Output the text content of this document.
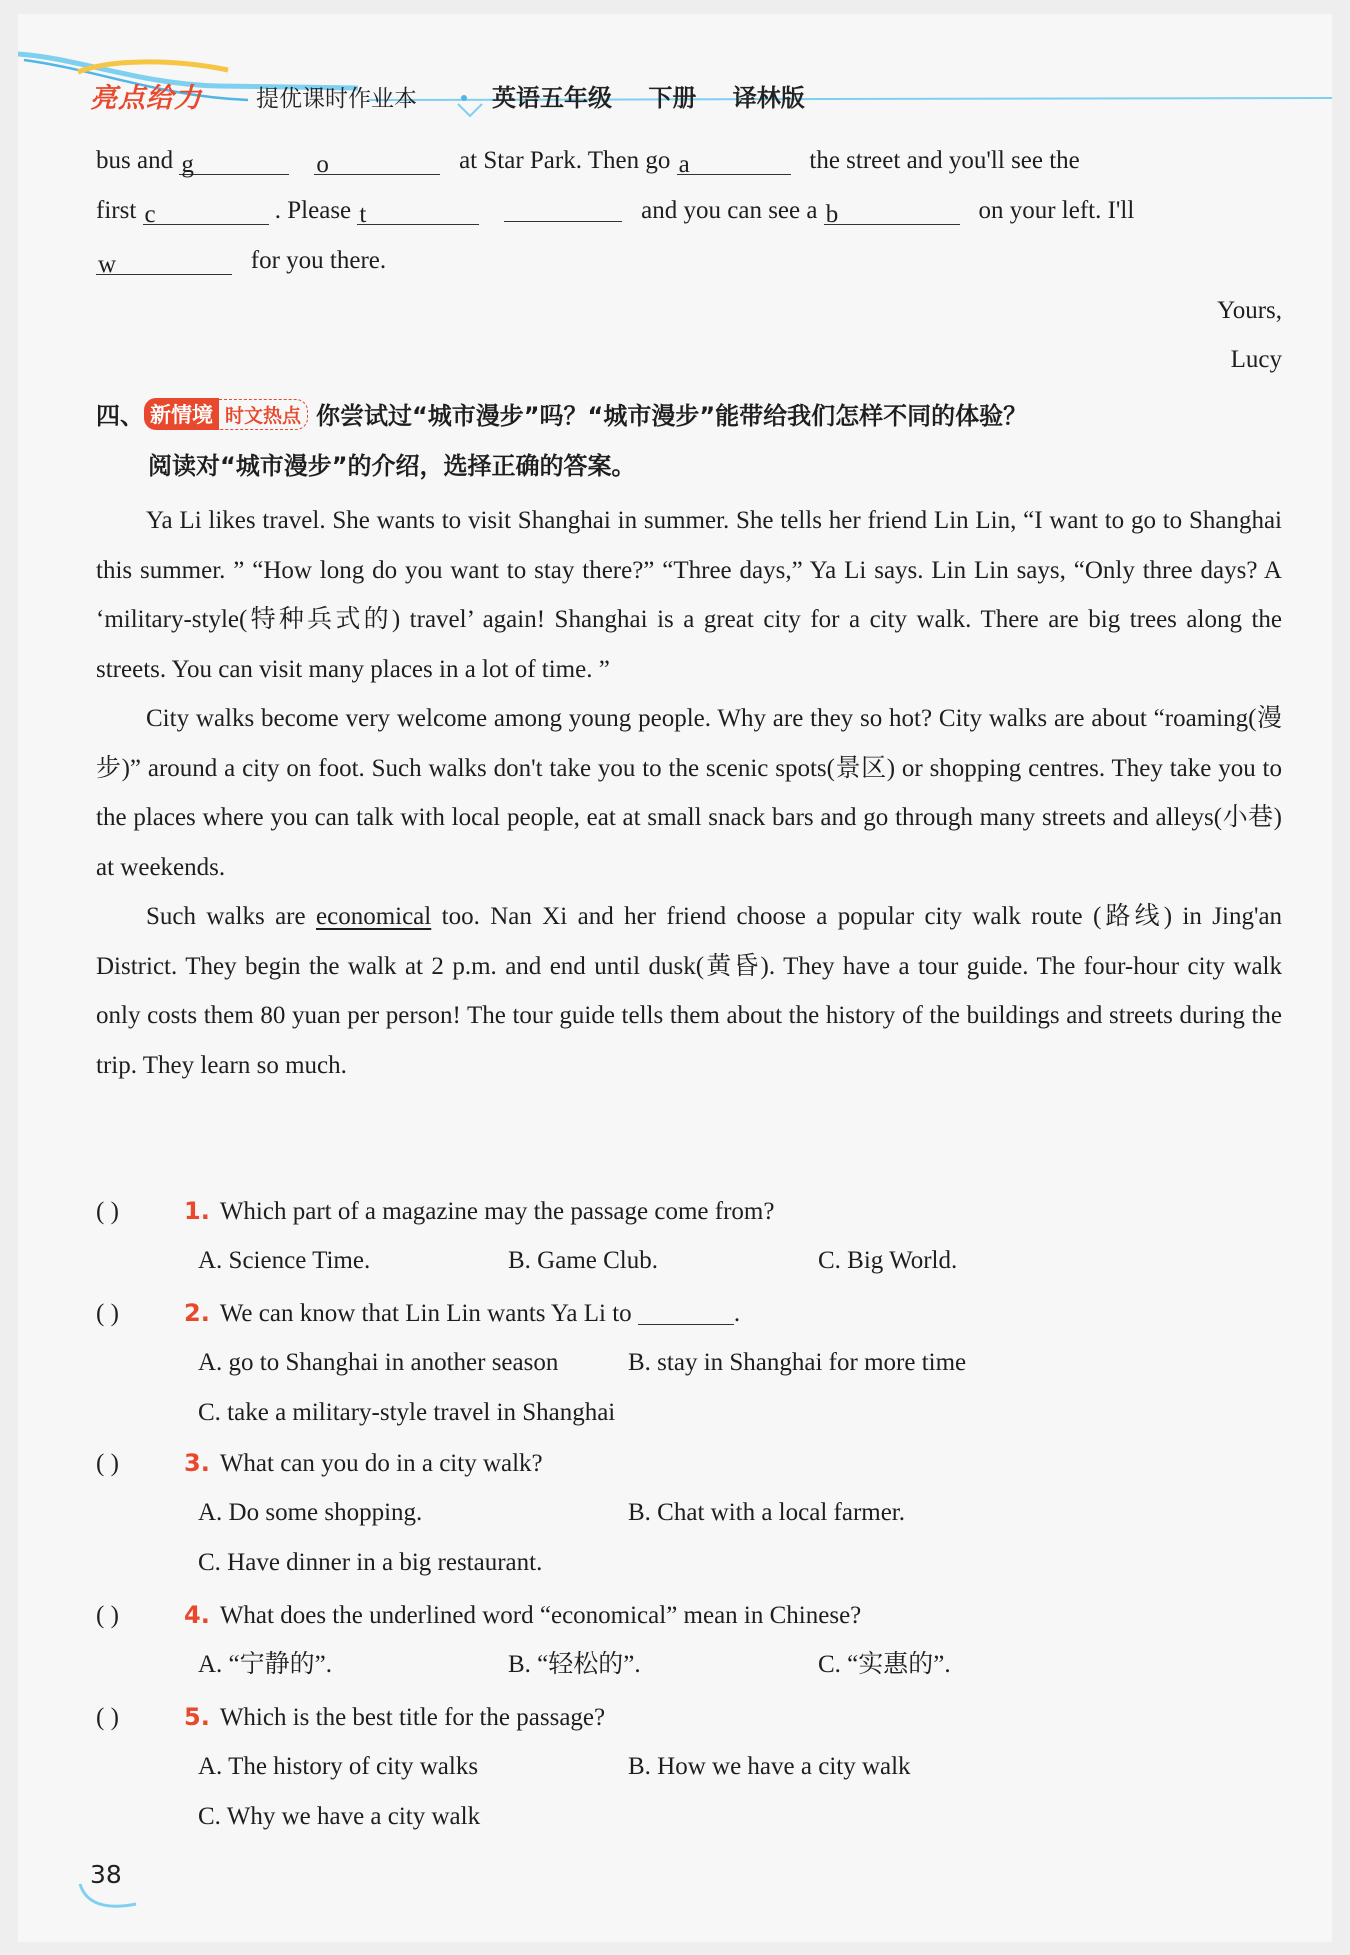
亮点给力 提优课时作业本	英语五年级 下册 译林版
bus and g	o	at Star Park. Then go a	the street and you'll see the
first c	. Please t	and you can see a b	on your left. I'll
w	for you there.
Yours,
Lucy
四、 新情境 时文热点 你尝试过“城市漫步”吗？“城市漫步”能带给我们怎样不同的体验？
阅读对“城市漫步”的介绍，选择正确的答案。

Ya Li likes travel. She wants to visit Shanghai in summer. She tells her friend Lin Lin, “I want to go to Shanghai this summer. ” “How long do you want to stay there?” “Three days,” Ya Li says. Lin Lin says, “Only three days? A ‘military-style(特种兵式的) travel’ again! Shanghai is a great city for a city walk. There are big trees along the streets. You can visit many places in a lot of time. ”

City walks become very welcome among young people. Why are they so hot? City walks are about “roaming(漫步)” around a city on foot. Such walks don't take you to the scenic spots(景区) or shopping centres. They take you to the places where you can talk with local people, eat at small snack bars and go through many streets and alleys(小巷) at weekends.

Such walks are economical too. Nan Xi and her friend choose a popular city walk route (路线) in Jing'an District. They begin the walk at 2 p.m. and end until dusk(黄昏). They have a tour guide. The four-hour city walk only costs them 80 yuan per person! The tour guide tells them about the history of the buildings and streets during the trip. They learn so much.

( )	1. Which part of a magazine may the passage come from?
A. Science Time.	B. Game Club.	C. Big World.
( )	2. We can know that Lin Lin wants Ya Li to	.
A. go to Shanghai in another season	B. stay in Shanghai for more time
C. take a military-style travel in Shanghai
( )	3. What can you do in a city walk?
A. Do some shopping.	B. Chat with a local farmer.
C. Have dinner in a big restaurant.
( )	4. What does the underlined word “economical” mean in Chinese?
A. “宁静的”.	B. “轻松的”.	C. “实惠的”.
( )	5. Which is the best title for the passage?
A. The history of city walks	B. How we have a city walk
C. Why we have a city walk
38
